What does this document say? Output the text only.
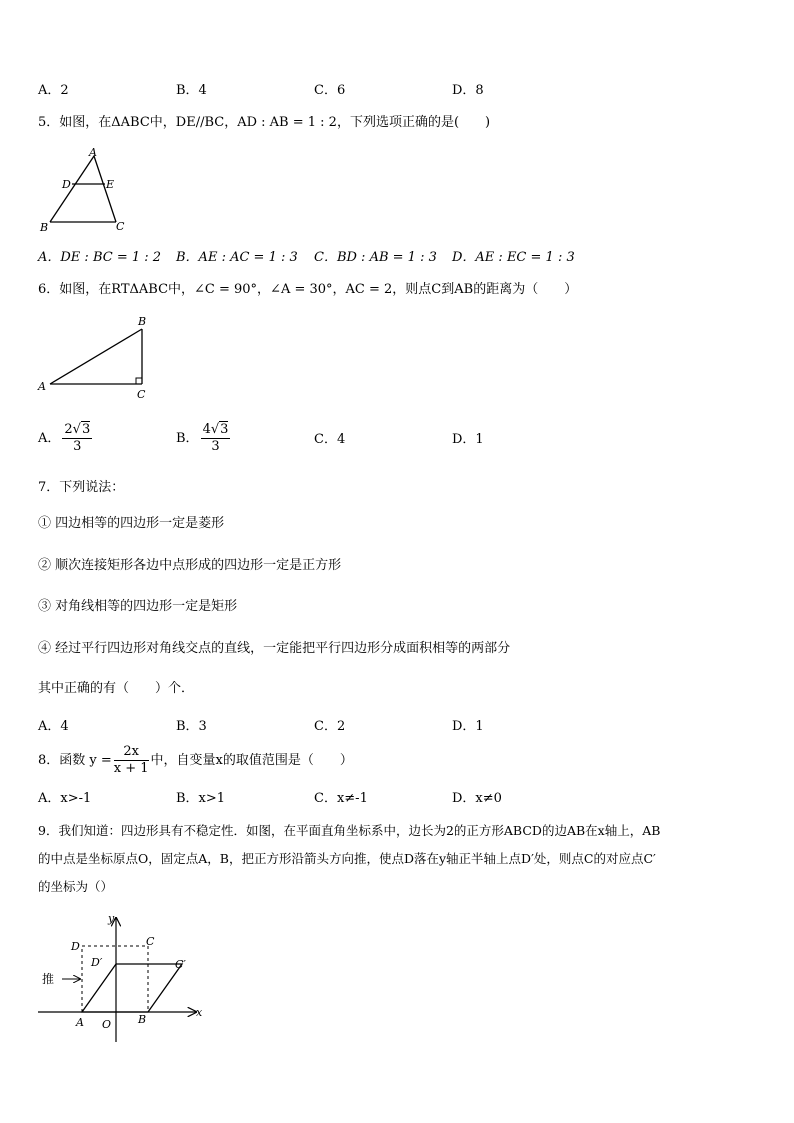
A．2	B．4	C．6	D．8
5．如图，在ΔABC中，DE//BC，AD : AB = 1 : 2，下列选项正确的是(　　)
A
D	E
B	C
A．DE : BC = 1 : 2 B．AE : AC = 1 : 3 C．BD : AB = 1 : 3 D．AE : EC = 1 : 3
6．如图，在RTΔABC中，∠C = 90°，∠A = 30°，AC = 2，则点C到AB的距离为（　　）
B
A
C
A． $\frac{2√3}{3}$	B． $\frac{4√3}{3}$	C．4	D．1
7．下列说法：
① 四边相等的四边形一定是菱形
② 顺次连接矩形各边中点形成的四边形一定是正方形
③ 对角线相等的四边形一定是矩形
④ 经过平行四边形对角线交点的直线，一定能把平行四边形分成面积相等的两部分
其中正确的有（　　）个．
A．4	B．3	C．2	D．1
8．函数 $y = \frac{2x}{x + 1}$ 中，自变量x的取值范围是（　　）
A．x>-1	B．x>1	C．x≠-1	D．x≠0
9．我们知道：四边形具有不稳定性．如图，在平面直角坐标系中，边长为2的正方形ABCD的边AB在x轴上，AB
的中点是坐标原点O，固定点A，B，把正方形沿箭头方向推，使点D落在y轴正半轴上点D′处，则点C的对应点C′
的坐标为（）
y
x
D	C
D′	C′
推
A O B
